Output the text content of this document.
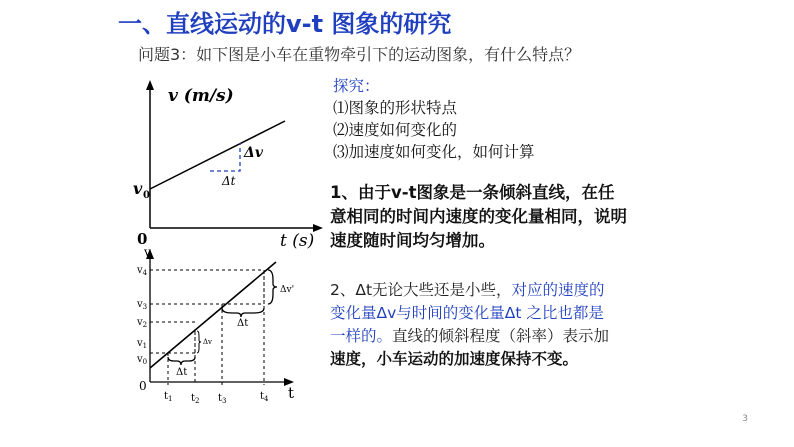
一、直线运动的v-t 图象的研究
问题3：如下图是小车在重物牵引下的运动图象，有什么特点？
v (m/s)
t (s)
v 0
0
Δv
Δt
v
t
0
$v_4$
$v_3$
$v_2$
$v_1$
$v_0$
$t_1$ $t_2$ $t_3$	$t_4$
Δv'
Δt
Δv
Δt
探究：
⑴图象的形状特点
⑵速度如何变化的
⑶加速度如何变化，如何计算
1、由于v-t图象是一条倾斜直线，在任
意相同的时间内速度的变化量相同，说明
速度随时间均匀增加。
2、Δt无论大些还是小些，对应的速度的
变化量Δv与时间的变化量Δt 之比也都是
一样的。直线的倾斜程度（斜率）表示加
速度，小车运动的加速度保持不变。
3
